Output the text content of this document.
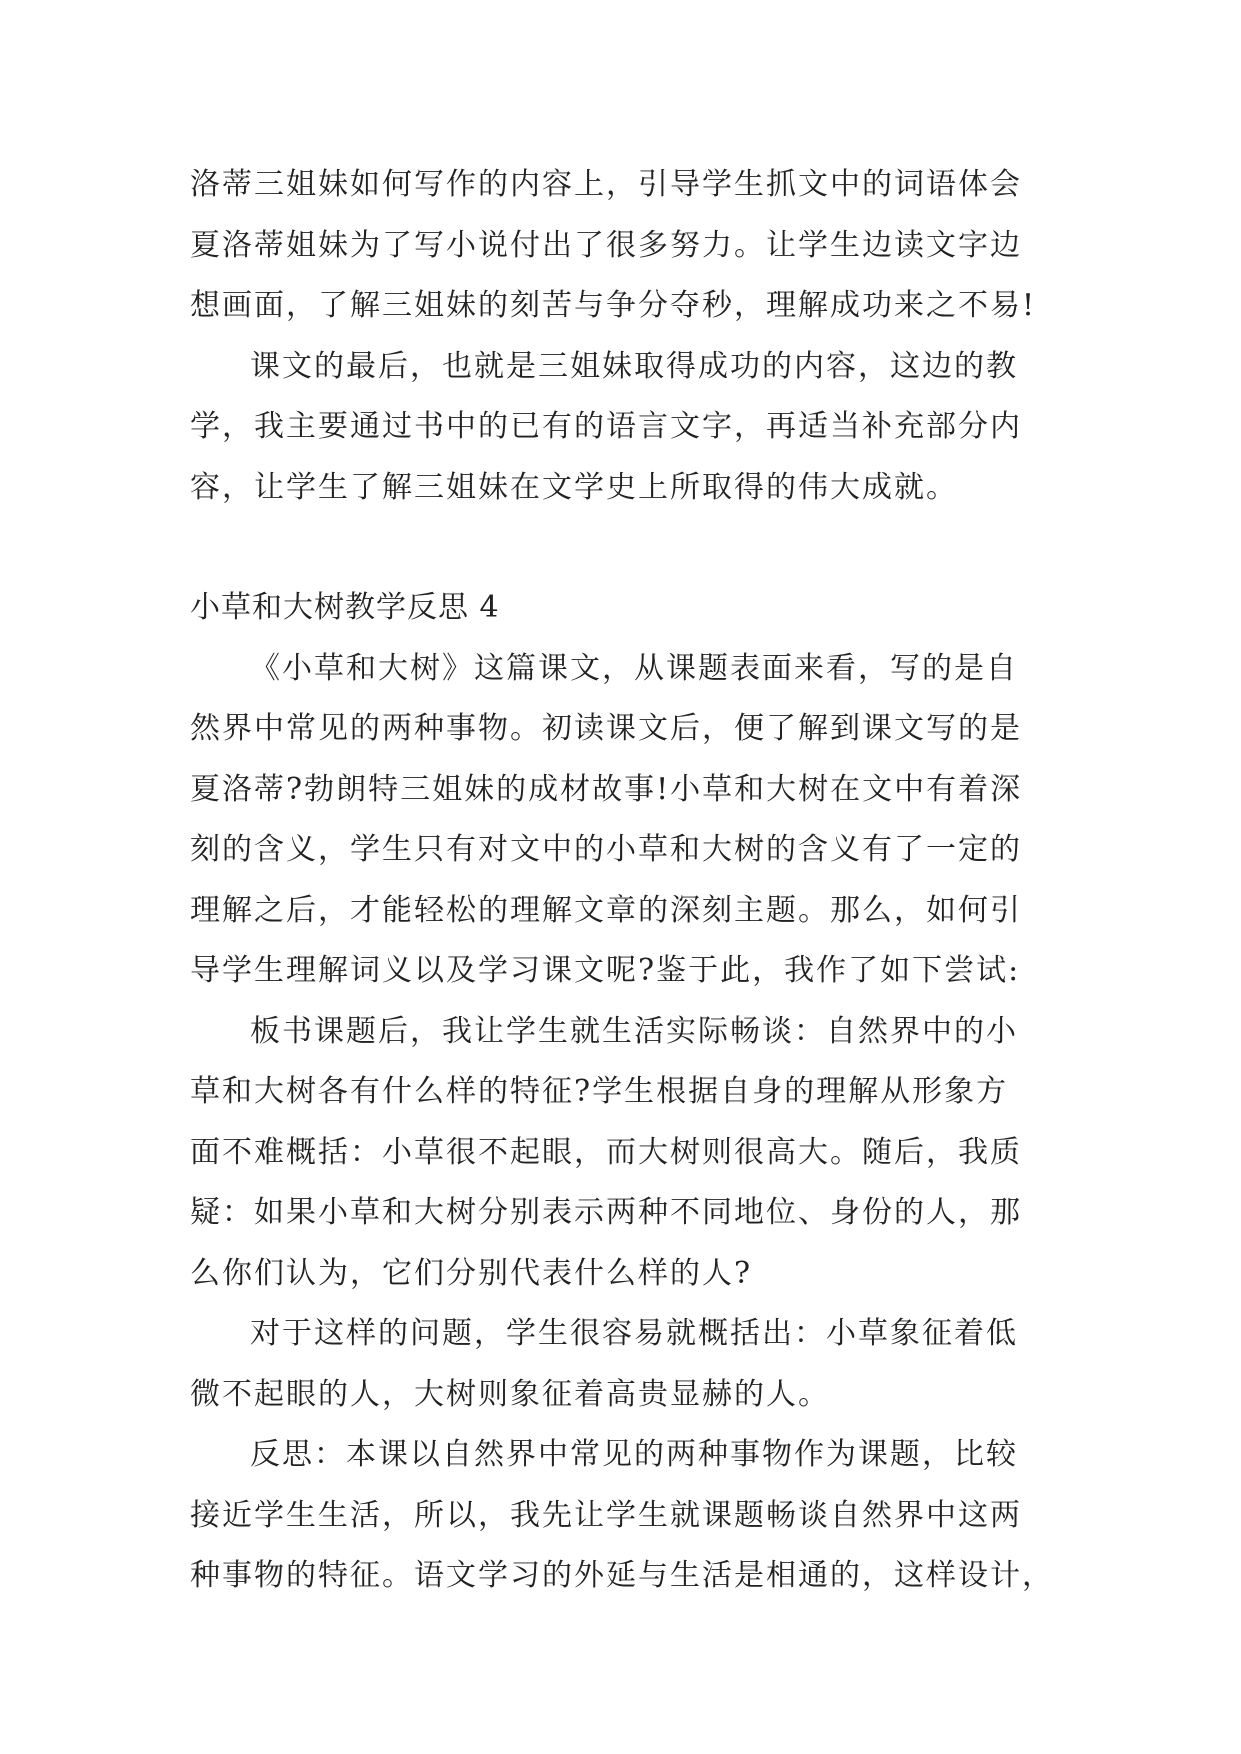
洛蒂三姐妹如何写作的内容上，引导学生抓文中的词语体会
夏洛蒂姐妹为了写小说付出了很多努力。让学生边读文字边
想画面，了解三姐妹的刻苦与争分夺秒，理解成功来之不易!
课文的最后，也就是三姐妹取得成功的内容，这边的教
学，我主要通过书中的已有的语言文字，再适当补充部分内
容，让学生了解三姐妹在文学史上所取得的伟大成就。
小草和大树教学反思 4
《小草和大树》这篇课文，从课题表面来看，写的是自
然界中常见的两种事物。初读课文后，便了解到课文写的是
夏洛蒂?勃朗特三姐妹的成材故事!小草和大树在文中有着深
刻的含义，学生只有对文中的小草和大树的含义有了一定的
理解之后，才能轻松的理解文章的深刻主题。那么，如何引
导学生理解词义以及学习课文呢?鉴于此，我作了如下尝试:
板书课题后，我让学生就生活实际畅谈：自然界中的小
草和大树各有什么样的特征?学生根据自身的理解从形象方
面不难概括：小草很不起眼，而大树则很高大。随后，我质
疑：如果小草和大树分别表示两种不同地位、身份的人，那
么你们认为，它们分别代表什么样的人?
对于这样的问题，学生很容易就概括出：小草象征着低
微不起眼的人，大树则象征着高贵显赫的人。
反思：本课以自然界中常见的两种事物作为课题，比较
接近学生生活，所以，我先让学生就课题畅谈自然界中这两
种事物的特征。语文学习的外延与生活是相通的，这样设计，
